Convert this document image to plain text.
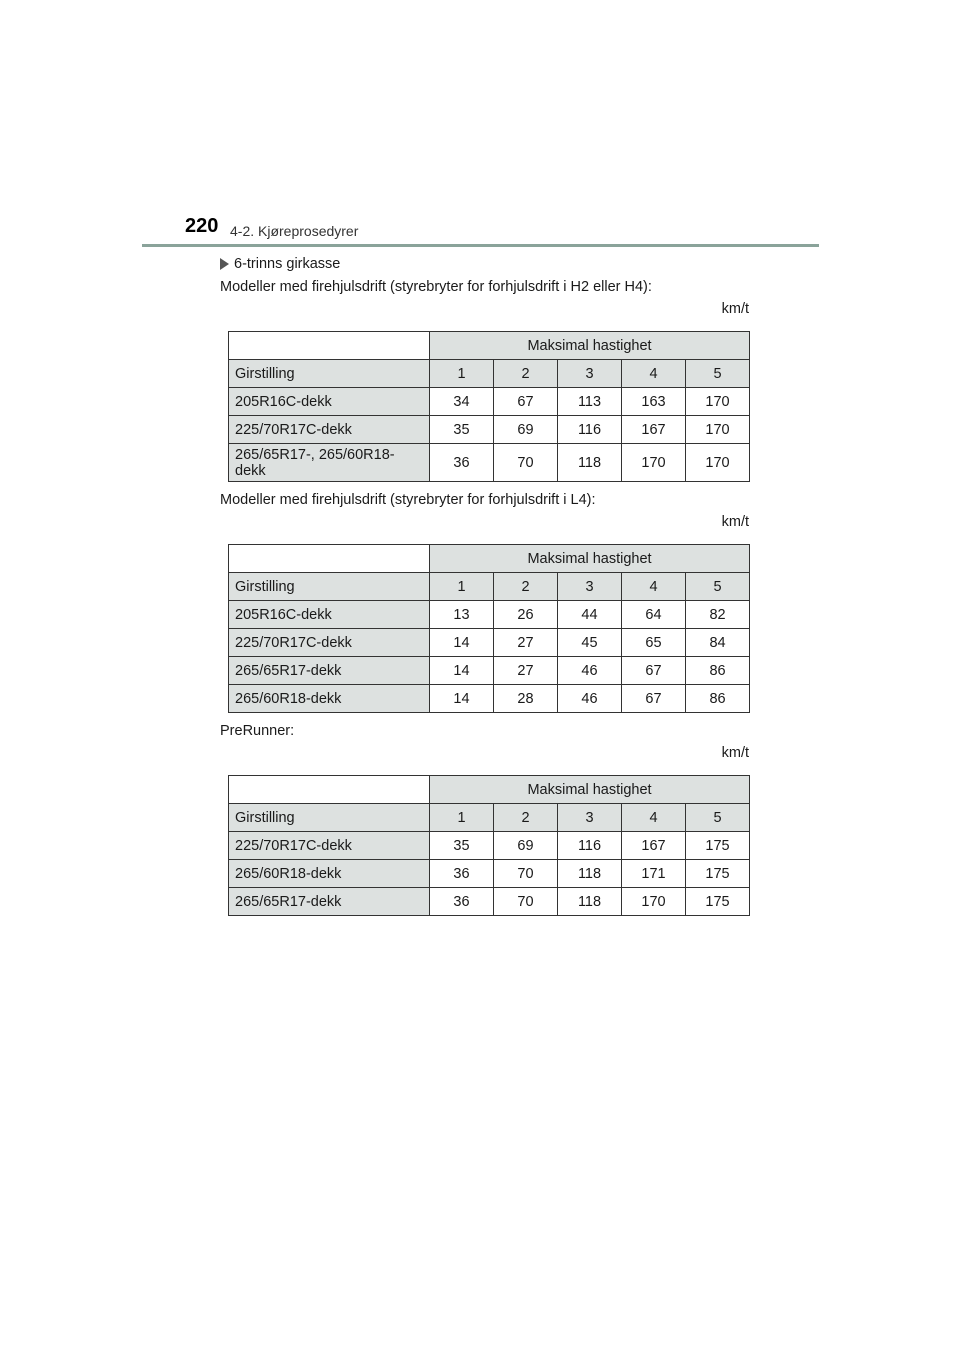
220 4-2. Kjøreprosedyrer
6-trinns girkasse
Modeller med firehjulsdrift (styrebryter for forhjulsdrift i H2 eller H4):
km/t
	Maksimal hastighet				
Girstilling	1	2	3	4	5
205R16C-dekk	34	67	113	163	170
225/70R17C-dekk	35	69	116	167	170

265/65R17-, 265/60R18-
dekk	36	70	118	170	170
Modeller med firehjulsdrift (styrebryter for forhjulsdrift i L4):
km/t
	Maksimal hastighet				
Girstilling	1	2	3	4	5
205R16C-dekk	13	26	44	64	82
225/70R17C-dekk	14	27	45	65	84
265/65R17-dekk	14	27	46	67	86
265/60R18-dekk	14	28	46	67	86
PreRunner:
km/t
	Maksimal hastighet				
Girstilling	1	2	3	4	5
225/70R17C-dekk	35	69	116	167	175
265/60R18-dekk	36	70	118	171	175
265/65R17-dekk	36	70	118	170	175
